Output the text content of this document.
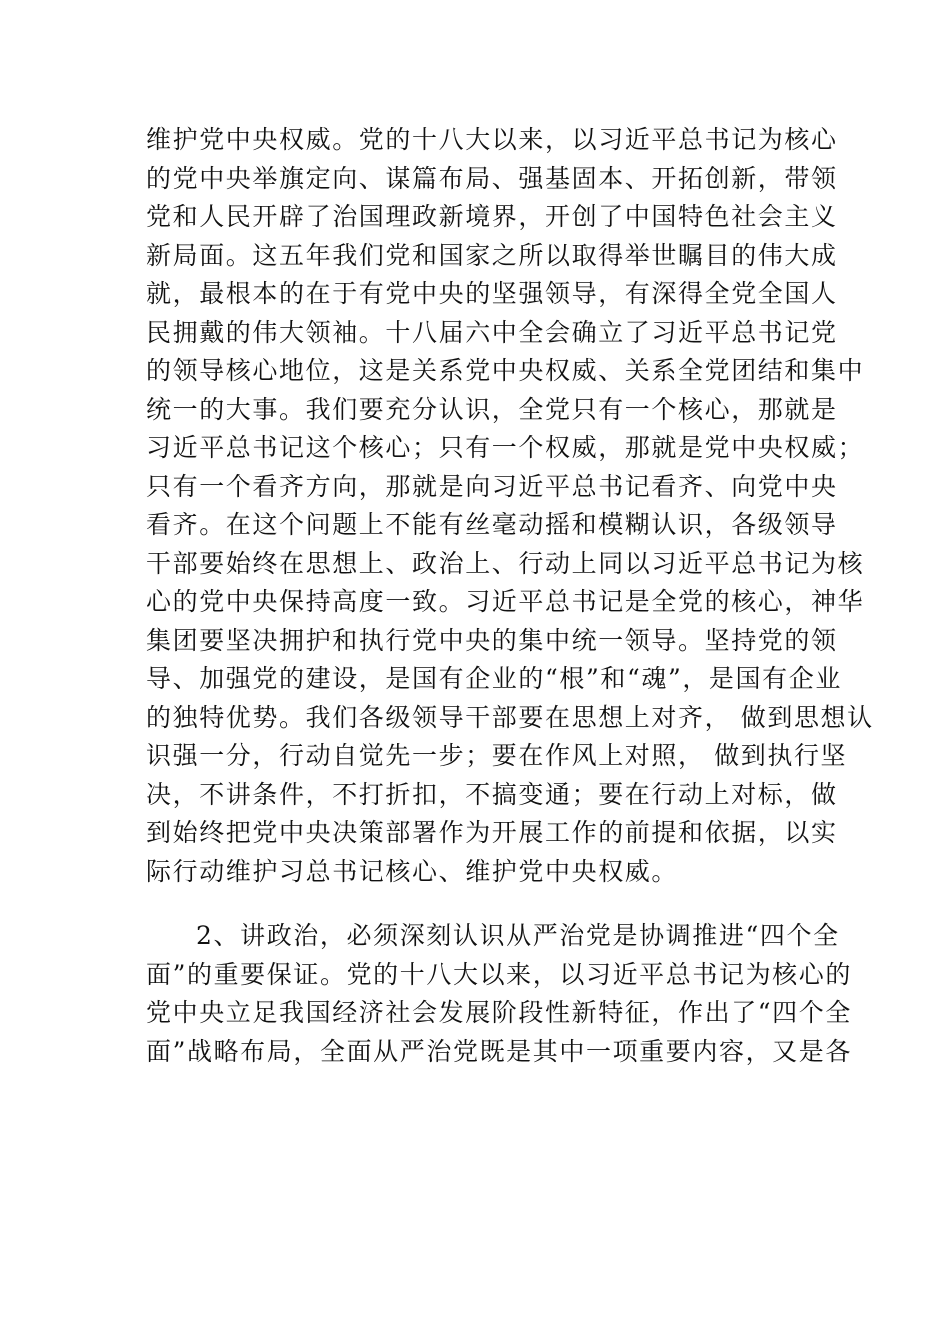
维护党中央权威。党的十八大以来，以习近平总书记为核心
的党中央举旗定向、谋篇布局、强基固本、开拓创新，带领
党和人民开辟了治国理政新境界，开创了中国特色社会主义
新局面。这五年我们党和国家之所以取得举世瞩目的伟大成
就，最根本的在于有党中央的坚强领导，有深得全党全国人
民拥戴的伟大领袖。十八届六中全会确立了习近平总书记党
的领导核心地位，这是关系党中央权威、关系全党团结和集中
统一的大事。我们要充分认识，全党只有一个核心，那就是
习近平总书记这个核心；只有一个权威，那就是党中央权威；
只有一个看齐方向，那就是向习近平总书记看齐、向党中央
看齐。在这个问题上不能有丝毫动摇和模糊认识，各级领导
干部要始终在思想上、政治上、行动上同以习近平总书记为核
心的党中央保持高度一致。习近平总书记是全党的核心，神华
集团要坚决拥护和执行党中央的集中统一领导。坚持党的领
导、加强党的建设，是国有企业的“根”和“魂”，是国有企业
的独特优势。我们各级领导干部要在思想上对齐， 做到思想认
识强一分，行动自觉先一步；要在作风上对照， 做到执行坚
决，不讲条件，不打折扣，不搞变通；要在行动上对标，做
到始终把党中央决策部署作为开展工作的前提和依据，以实
际行动维护习总书记核心、维护党中央权威。
2、讲政治，必须深刻认识从严治党是协调推进“四个全
面”的重要保证。党的十八大以来，以习近平总书记为核心的
党中央立足我国经济社会发展阶段性新特征，作出了“四个全
面”战略布局，全面从严治党既是其中一项重要内容，又是各
